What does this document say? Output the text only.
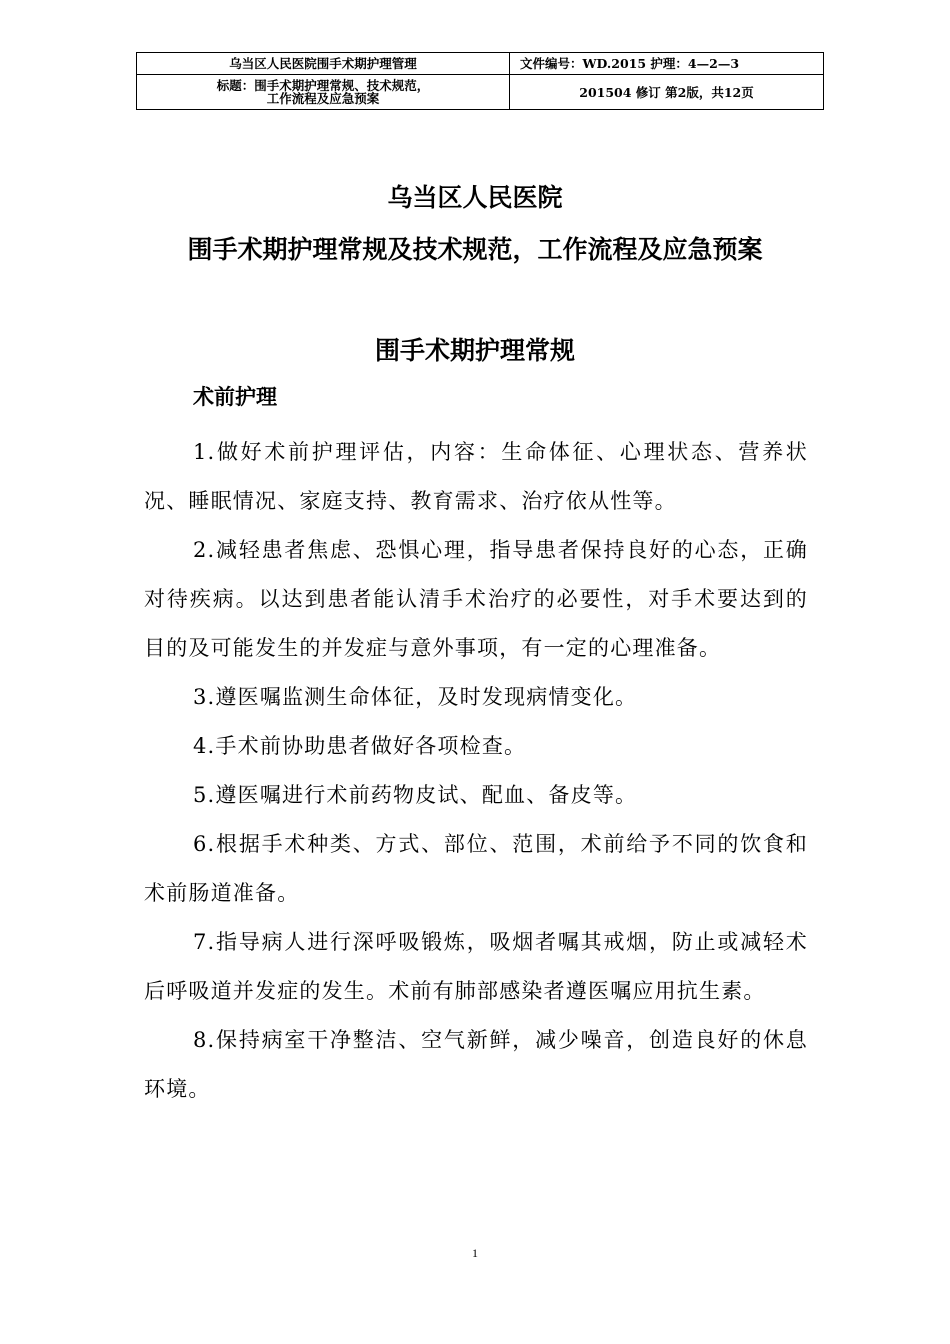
乌当区人民医院围手术期护理管理	文件编号：WD.2015 护理：4—2—3

标题：围手术期护理常规、技术规范，
工作流程及应急预案	201504 修订 第2版，共12页
乌当区人民医院
围手术期护理常规及技术规范，工作流程及应急预案
围手术期护理常规
术前护理

1.做好术前护理评估，内容：生命体征、心理状态、营养状况、睡眠情况、家庭支持、教育需求、治疗依从性等。

2.减轻患者焦虑、恐惧心理，指导患者保持良好的心态，正确对待疾病。以达到患者能认清手术治疗的必要性，对手术要达到的目的及可能发生的并发症与意外事项，有一定的心理准备。

3.遵医嘱监测生命体征，及时发现病情变化。

4.手术前协助患者做好各项检查。

5.遵医嘱进行术前药物皮试、配血、备皮等。

6.根据手术种类、方式、部位、范围，术前给予不同的饮食和术前肠道准备。

7.指导病人进行深呼吸锻炼，吸烟者嘱其戒烟，防止或减轻术后呼吸道并发症的发生。术前有肺部感染者遵医嘱应用抗生素。

8.保持病室干净整洁、空气新鲜，减少噪音，创造良好的休息环境。

1
